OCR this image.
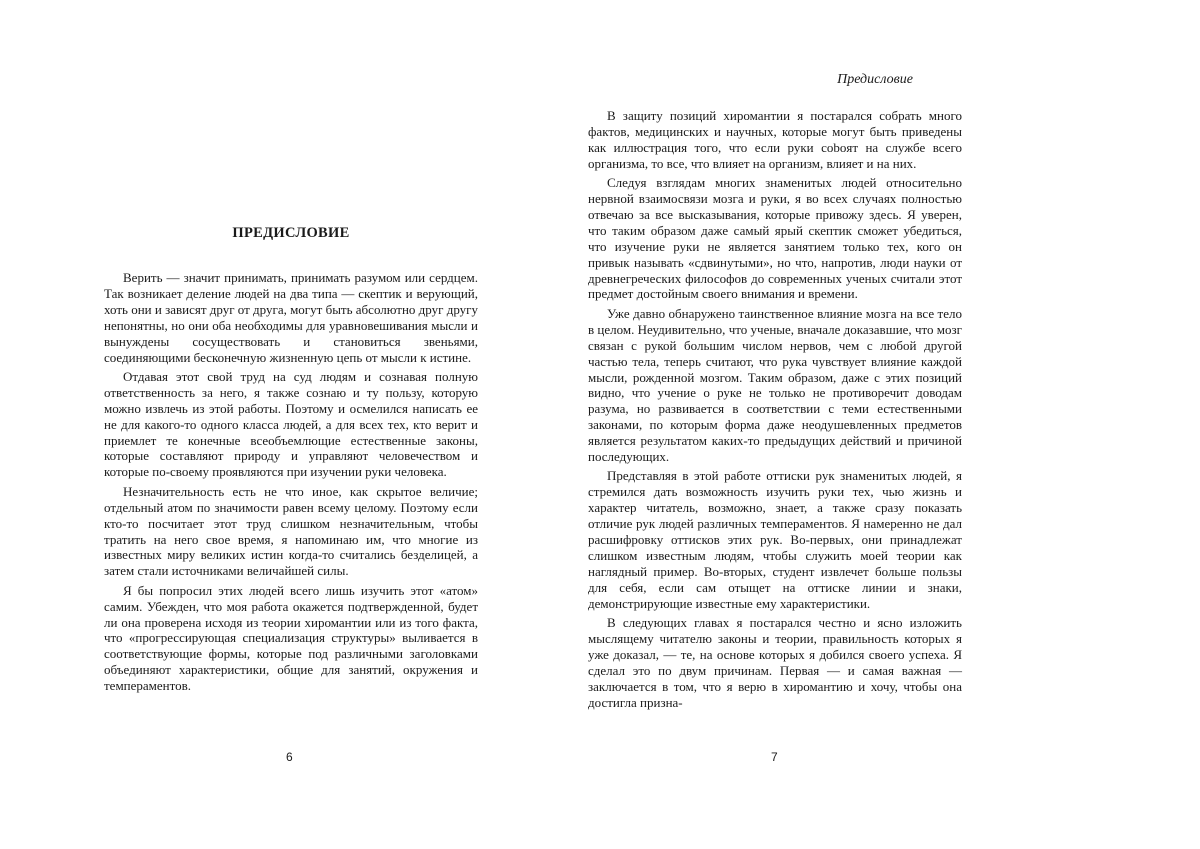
ПРЕДИСЛОВИЕ

Верить — значит принимать, принимать разумом или сердцем. Так возникает деление людей на два типа — скептик и верующий, хоть они и зависят друг от друга, могут быть абсолютно друг другу непонятны, но они оба необходимы для уравновешивания мысли и вынуждены сосуществовать и становиться звеньями, соединяющими бесконечную жизненную цепь от мысли к истине.

Отдавая этот свой труд на суд людям и сознавая полную ответственность за него, я также сознаю и ту пользу, которую можно извлечь из этой работы. Поэтому и осмелился написать ее не для какого-то одного класса людей, а для всех тех, кто верит и приемлет те конечные всеобъемлющие естественные законы, которые составляют природу и управляют человечеством и которые по-своему проявляются при изучении руки человека.

Незначительность есть не что иное, как скрытое величие; отдельный атом по значимости равен всему целому. Поэтому если кто-то посчитает этот труд слишком незначительным, чтобы тратить на него свое время, я напоминаю им, что многие из известных миру великих истин когда-то считались безделицей, а затем стали источниками величайшей силы.

Я бы попросил этих людей всего лишь изучить этот «атом» самим. Убежден, что моя работа окажется подтвержденной, будет ли она проверена исходя из теории хиромантии или из того факта, что «прогрессирующая специализация структуры» выливается в соответствующие формы, которые под различными заголовками объединяют характеристики, общие для занятий, окружения и темпераментов.

6
Предисловие

В защиту позиций хиромантии я постарался собрать много фактов, медицинских и научных, которые могут быть приведены как иллюстрация того, что если руки соboят на службе всего организма, то все, что влияет на организм, влияет и на них.

Следуя взглядам многих знаменитых людей относительно нервной взаимосвязи мозга и руки, я во всех случаях полностью отвечаю за все высказывания, которые привожу здесь. Я уверен, что таким образом даже самый ярый скептик сможет убедиться, что изучение руки не является занятием только тех, кого он привык называть «сдвинутыми», но что, напротив, люди науки от древнегреческих философов до современных ученых считали этот предмет достойным своего внимания и времени.

Уже давно обнаружено таинственное влияние мозга на все тело в целом. Неудивительно, что ученые, вначале доказавшие, что мозг связан с рукой большим числом нервов, чем с любой другой частью тела, теперь считают, что рука чувствует влияние каждой мысли, рожденной мозгом. Таким образом, даже с этих позиций видно, что учение о руке не только не противоречит доводам разума, но развивается в соответствии с теми естественными законами, по которым форма даже неодушевленных предметов является результатом каких-то предыдущих действий и причиной последующих.

Представляя в этой работе оттиски рук знаменитых людей, я стремился дать возможность изучить руки тех, чью жизнь и характер читатель, возможно, знает, а также сразу показать отличие рук людей различных темпераментов. Я намеренно не дал расшифровку оттисков этих рук. Во-первых, они принадлежат слишком известным людям, чтобы служить моей теории как наглядный пример. Во-вторых, студент извлечет больше пользы для себя, если сам отыщет на оттиске линии и знаки, демонстрирующие известные ему характеристики.

В следующих главах я постарался честно и ясно изложить мыслящему читателю законы и теории, правильность которых я уже доказал, — те, на основе которых я добился своего успеха. Я сделал это по двум причинам. Первая — и самая важная — заключается в том, что я верю в хиромантию и хочу, чтобы она достигла призна-

7
